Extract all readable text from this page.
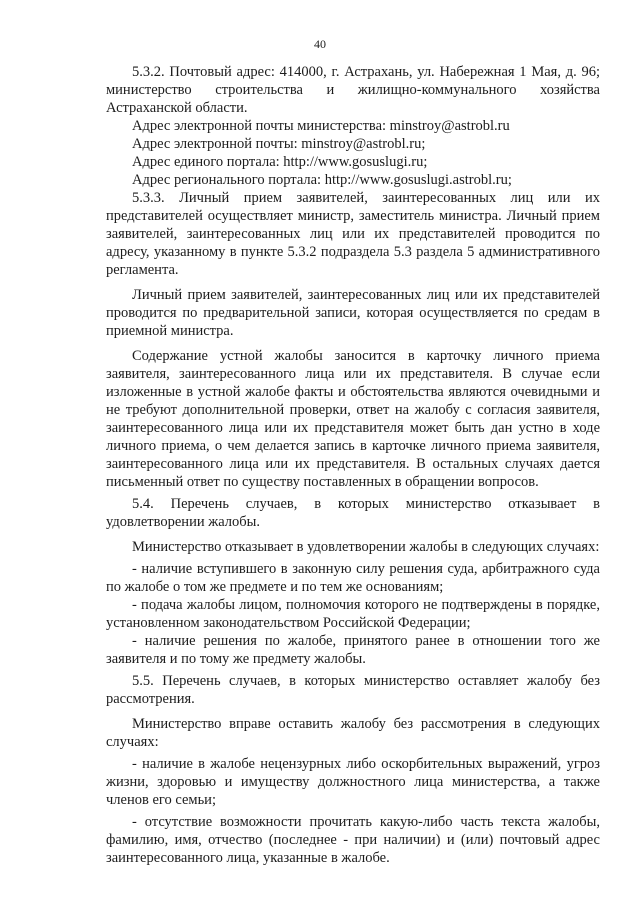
40

5.3.2. Почтовый адрес: 414000, г. Астрахань, ул. Набережная 1 Мая, д. 96; министерство строительства и жилищно-коммунального хозяйства Астраханской области.

Адрес электронной почты министерства: minstroy@astrobl.ru

Адрес электронной почты: minstroy@astrobl.ru;

Адрес единого портала: http://www.gosuslugi.ru;

Адрес регионального портала: http://www.gosuslugi.astrobl.ru;

5.3.3. Личный прием заявителей, заинтересованных лиц или их представителей осуществляет министр, заместитель министра. Личный прием заявителей, заинтересованных лиц или их представителей проводится по адресу, указанному в пункте 5.3.2 подраздела 5.3 раздела 5 административного регламента.

Личный прием заявителей, заинтересованных лиц или их представителей проводится по предварительной записи, которая осуществляется по средам в приемной министра.

Содержание устной жалобы заносится в карточку личного приема заявителя, заинтересованного лица или их представителя. В случае если изложенные в устной жалобе факты и обстоятельства являются очевидными и не требуют дополнительной проверки, ответ на жалобу с согласия заявителя, заинтересованного лица или их представителя может быть дан устно в ходе личного приема, о чем делается запись в карточке личного приема заявителя, заинтересованного лица или их представителя. В остальных случаях дается письменный ответ по существу поставленных в обращении вопросов.

5.4. Перечень случаев, в которых министерство отказывает в удовлетворении жалобы.

Министерство отказывает в удовлетворении жалобы в следующих случаях:

- наличие вступившего в законную силу решения суда, арбитражного суда по жалобе о том же предмете и по тем же основаниям;

- подача жалобы лицом, полномочия которого не подтверждены в порядке, установленном законодательством Российской Федерации;

- наличие решения по жалобе, принятого ранее в отношении того же заявителя и по тому же предмету жалобы.

5.5. Перечень случаев, в которых министерство оставляет жалобу без рассмотрения.

Министерство вправе оставить жалобу без рассмотрения в следующих случаях:

- наличие в жалобе нецензурных либо оскорбительных выражений, угроз жизни, здоровью и имуществу должностного лица министерства, а также членов его семьи;

- отсутствие возможности прочитать какую-либо часть текста жалобы, фамилию, имя, отчество (последнее - при наличии) и (или) почтовый адрес заинтересованного лица, указанные в жалобе.
